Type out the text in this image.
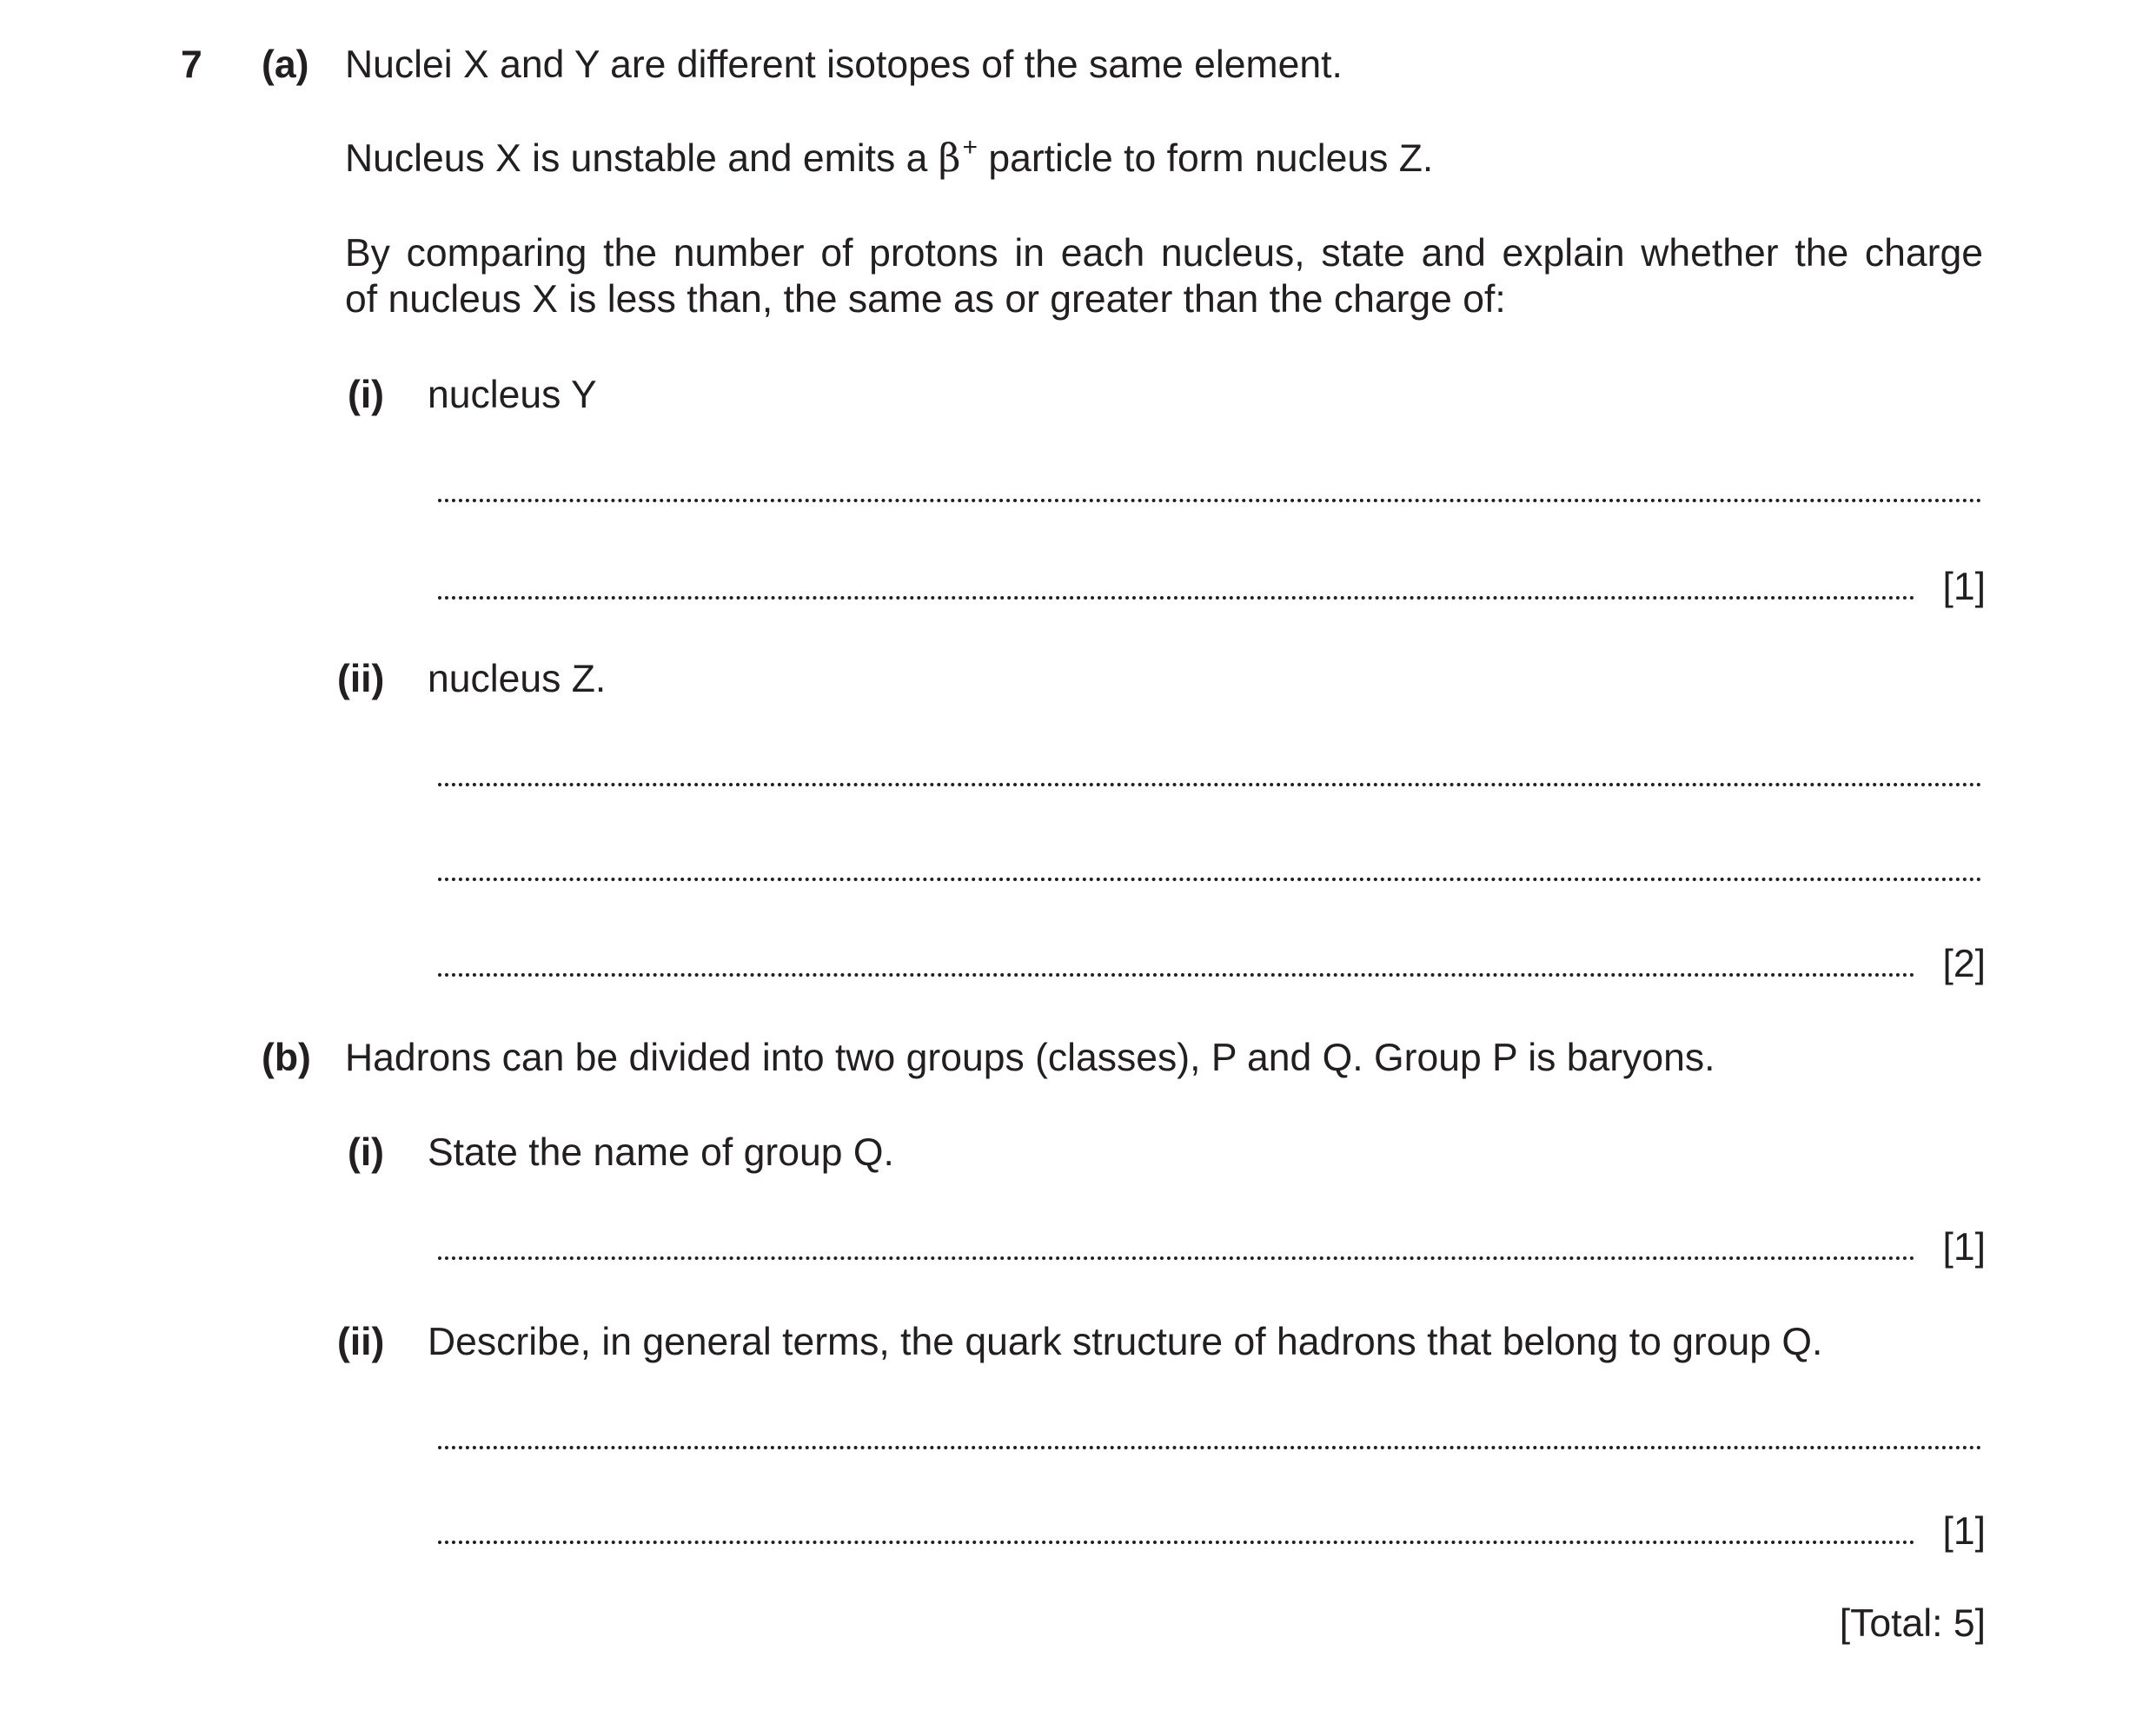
7 (a) Nuclei X and Y are different isotopes of the same element.
Nucleus X is unstable and emits a β+ particle to form nucleus Z.
By comparing the number of protons in each nucleus, state and explain whether the charge
of nucleus X is less than, the same as or greater than the charge of:
(i) nucleus Y
[1]
(ii) nucleus Z.
[2]
(b) Hadrons can be divided into two groups (classes), P and Q. Group P is baryons.
(i) State the name of group Q.
[1]
(ii) Describe, in general terms, the quark structure of hadrons that belong to group Q.
[1]
[Total: 5]
